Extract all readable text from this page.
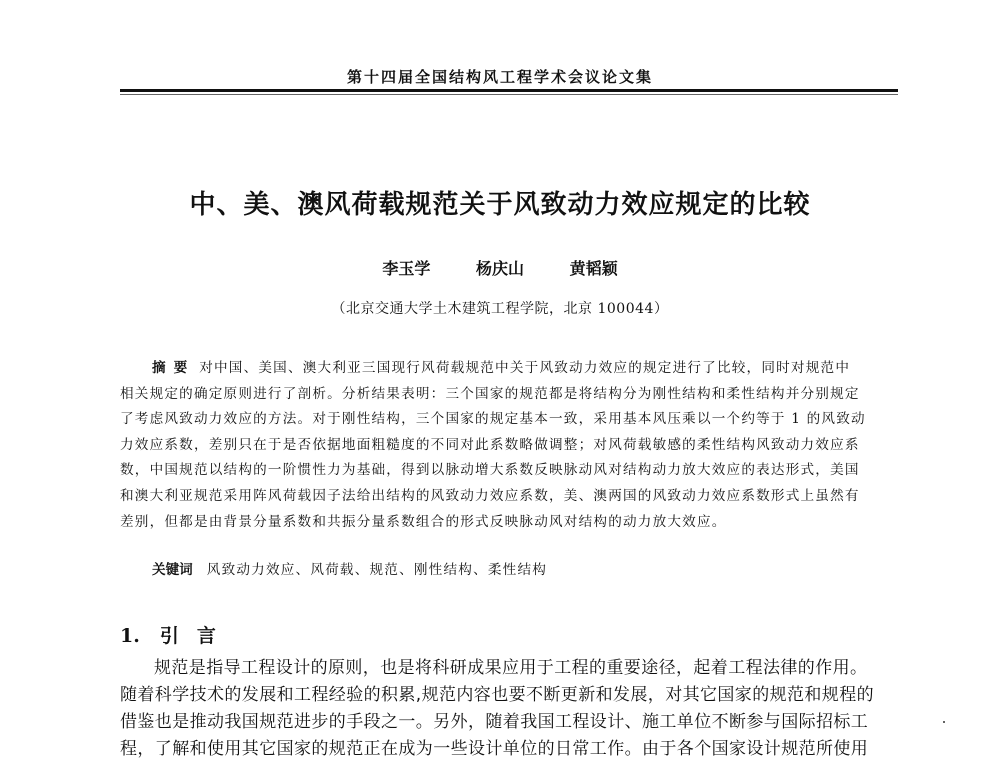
第十四届全国结构风工程学术会议论文集
中、美、澳风荷载规范关于风致动力效应规定的比较
李玉学	杨庆山	黄韬颖
（北京交通大学土木建筑工程学院，北京 100044）
摘要 对中国、美国、澳大利亚三国现行风荷载规范中关于风致动力效应的规定进行了比较，同时对规范中
相关规定的确定原则进行了剖析。分析结果表明：三个国家的规范都是将结构分为刚性结构和柔性结构并分别规定
了考虑风致动力效应的方法。对于刚性结构，三个国家的规定基本一致，采用基本风压乘以一个约等于 1 的风致动
力效应系数，差别只在于是否依据地面粗糙度的不同对此系数略做调整；对风荷载敏感的柔性结构风致动力效应系
数，中国规范以结构的一阶惯性力为基础，得到以脉动增大系数反映脉动风对结构动力放大效应的表达形式，美国
和澳大利亚规范采用阵风荷载因子法给出结构的风致动力效应系数，美、澳两国的风致动力效应系数形式上虽然有
差别，但都是由背景分量系数和共振分量系数组合的形式反映脉动风对结构的动力放大效应。
关键词 风致动力效应、风荷载、规范、刚性结构、柔性结构
1. 引言
规范是指导工程设计的原则，也是将科研成果应用于工程的重要途径，起着工程法律的作用。
随着科学技术的发展和工程经验的积累,规范内容也要不断更新和发展，对其它国家的规范和规程的
借鉴也是推动我国规范进步的手段之一。另外，随着我国工程设计、施工单位不断参与国际招标工
程，了解和使用其它国家的规范正在成为一些设计单位的日常工作。由于各个国家设计规范所使用
